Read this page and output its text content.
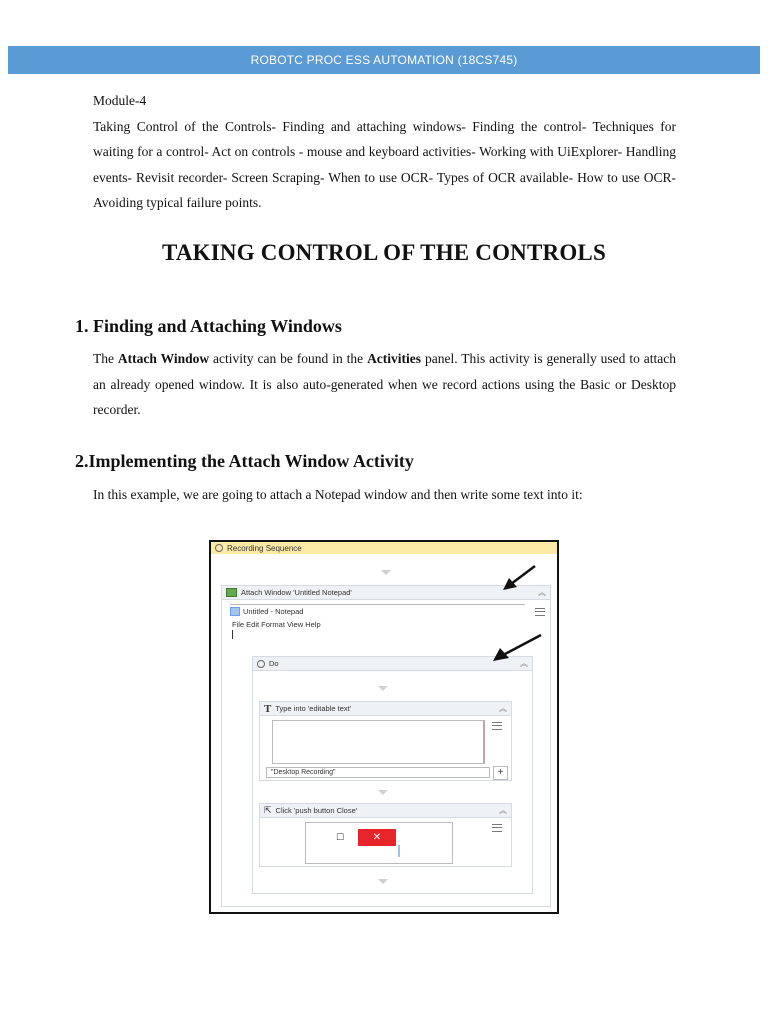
ROBOTC PROC ESS AUTOMATION (18CS745)
Module-4

Taking Control of the Controls- Finding and attaching windows- Finding the control- Techniques for waiting for a control- Act on controls - mouse and keyboard activities- Working with UiExplorer- Handling events- Revisit recorder- Screen Scraping- When to use OCR- Types of OCR available- How to use OCR- Avoiding typical failure points.

TAKING CONTROL OF THE CONTROLS
1. Finding and Attaching Windows

The Attach Window activity can be found in the Activities panel. This activity is generally used to attach an already opened window. It is also auto-generated when we record actions using the Basic or Desktop recorder.

2.Implementing the Attach Window Activity

In this example, we are going to attach a Notepad window and then write some text into it:

Recording Sequence
Attach Window 'Untitled Notepad'	︽
Untitled - Notepad
File Edit Format View Help
Do	︽
T Type into 'editable text'	︽
"Desktop Recording"	+
⇱ Click 'push button Close'	︽
☐	✕
